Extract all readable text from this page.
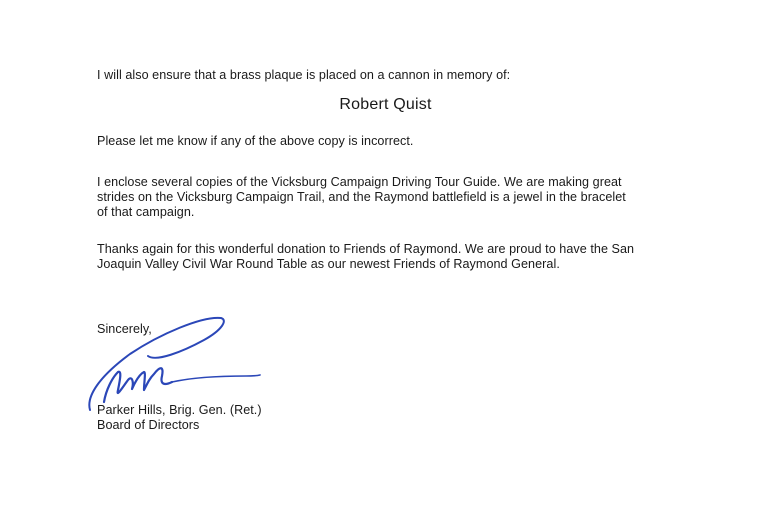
I will also ensure that a brass plaque is placed on a cannon in memory of:
Robert Quist
Please let me know if any of the above copy is incorrect.
I enclose several copies of the Vicksburg Campaign Driving Tour Guide. We are making great
strides on the Vicksburg Campaign Trail, and the Raymond battlefield is a jewel in the bracelet
of that campaign.
Thanks again for this wonderful donation to Friends of Raymond. We are proud to have the San
Joaquin Valley Civil War Round Table as our newest Friends of Raymond General.
Sincerely,
Parker Hills, Brig. Gen. (Ret.)
Board of Directors
